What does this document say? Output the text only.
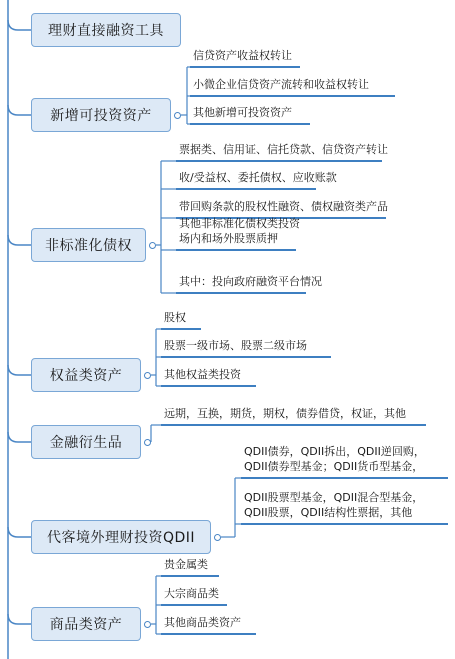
理财直接融资工具
新增可投资资产
信贷资产收益权转让
小微企业信贷资产流转和收益权转让
其他新增可投资资产
非标准化债权
票据类、信用证、信托贷款、信贷资产转让
收/受益权、委托债权、应收账款
带回购条款的股权性融资、债权融资类产品
其他非标准化债权类投资
场内和场外股票质押
其中：投向政府融资平台情况
权益类资产
股权
股票一级市场、股票二级市场
其他权益类投资
金融衍生品
远期，互换，期货，期权，债券借贷，权证，其他
代客境外理财投资QDII
QDII债券，QDII拆出，QDII逆回购，
QDII债券型基金；QDII货币型基金，
QDII股票型基金，QDII混合型基金，
QDII股票，QDII结构性票据，其他
商品类资产
贵金属类
大宗商品类
其他商品类资产
